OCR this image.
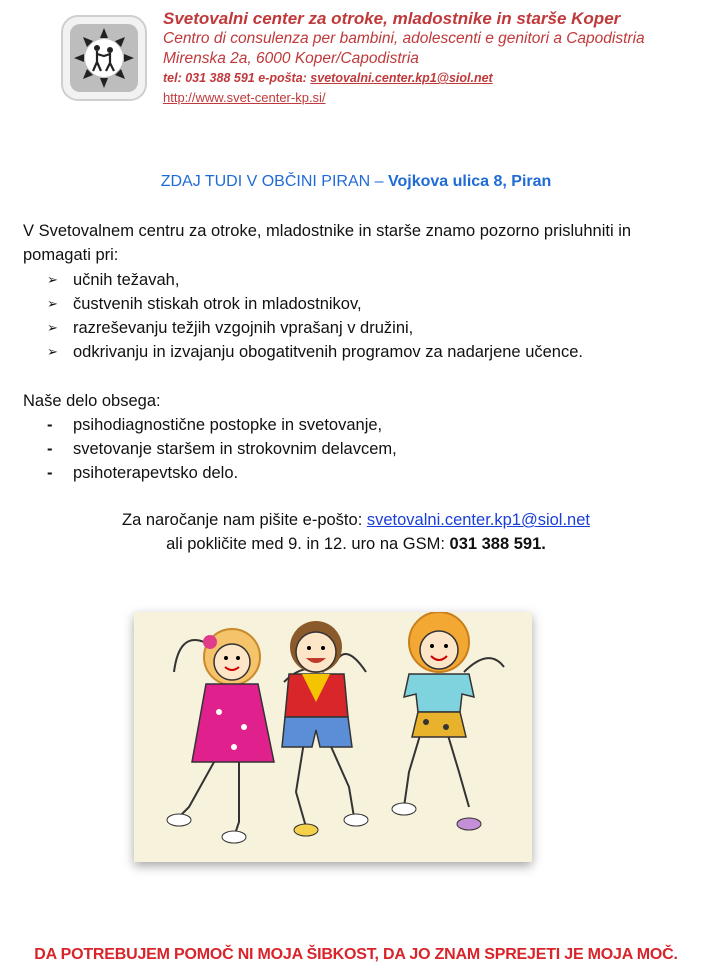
Svetovalni center za otroke, mladostnike in starše Koper
Centro di consulenza per bambini, adolescenti e genitori a Capodistria
Mirenska 2a, 6000 Koper/Capodistria
tel: 031 388 591 e-pošta: svetovalni.center.kp1@siol.net
http://www.svet-center-kp.si/
ZDAJ TUDI V OBČINI PIRAN – Vojkova ulica 8, Piran
V Svetovalnem centru za otroke, mladostnike in starše znamo pozorno prisluhniti in pomagati pri:
➢ učnih težavah,
➢ čustvenih stiskah otrok in mladostnikov,
➢ razreševanju težjih vzgojnih vprašanj v družini,
➢ odkrivanju in izvajanju obogatitvenih programov za nadarjene učence.
Naše delo obsega:
-	psihodiagnostične postopke in svetovanje,
-	svetovanje staršem in strokovnim delavcem,
-	psihoterapevtsko delo.
Za naročanje nam pišite e-pošto: svetovalni.center.kp1@siol.net
ali pokličite med 9. in 12. uro na GSM: 031 388 591.
DA POTREBUJEM POMOČ NI MOJA ŠIBKOST, DA JO ZNAM SPREJETI JE MOJA MOČ.
